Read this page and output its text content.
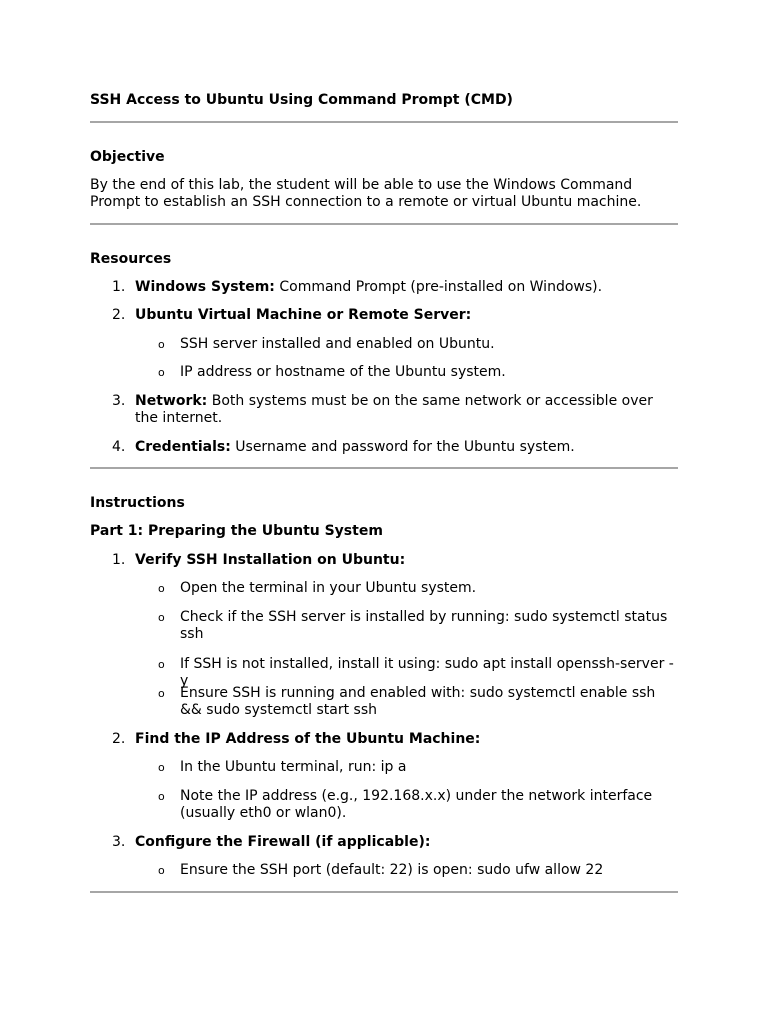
SSH Access to Ubuntu Using Command Prompt (CMD)
Objective
By the end of this lab, the student will be able to use the Windows Command Prompt to establish an SSH connection to a remote or virtual Ubuntu machine.
Resources
1. Windows System: Command Prompt (pre-installed on Windows).
2. Ubuntu Virtual Machine or Remote Server:
o SSH server installed and enabled on Ubuntu.
o IP address or hostname of the Ubuntu system.
3. Network: Both systems must be on the same network or accessible over the internet.
4. Credentials: Username and password for the Ubuntu system.
Instructions
Part 1: Preparing the Ubuntu System
1. Verify SSH Installation on Ubuntu:
o Open the terminal in your Ubuntu system.
o Check if the SSH server is installed by running: sudo systemctl status ssh
o If SSH is not installed, install it using: sudo apt install openssh-server -y
o Ensure SSH is running and enabled with: sudo systemctl enable ssh && sudo systemctl start ssh
2. Find the IP Address of the Ubuntu Machine:
o In the Ubuntu terminal, run: ip a
o Note the IP address (e.g., 192.168.x.x) under the network interface (usually eth0 or wlan0).
3. Configure the Firewall (if applicable):
o Ensure the SSH port (default: 22) is open: sudo ufw allow 22
